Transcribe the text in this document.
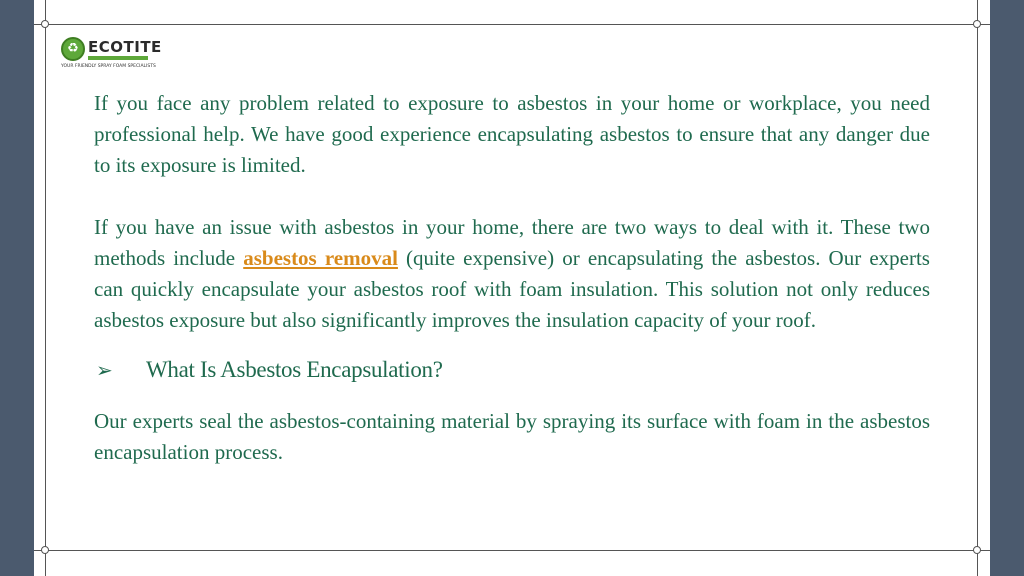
♻ ECOTITE
YOUR FRIENDLY SPRAY FOAM SPECIALISTS

If you face any problem related to exposure to asbestos in your home or workplace, you need professional help. We have good experience encapsulating asbestos to ensure that any danger due to its exposure is limited.

If you have an issue with asbestos in your home, there are two ways to deal with it. These two methods include asbestos removal (quite expensive) or encapsulating the asbestos. Our experts can quickly encapsulate your asbestos roof with foam insulation. This solution not only reduces asbestos exposure but also significantly improves the insulation capacity of your roof.

➢ What Is Asbestos Encapsulation?

Our experts seal the asbestos-containing material by spraying its surface with foam in the asbestos encapsulation process.
